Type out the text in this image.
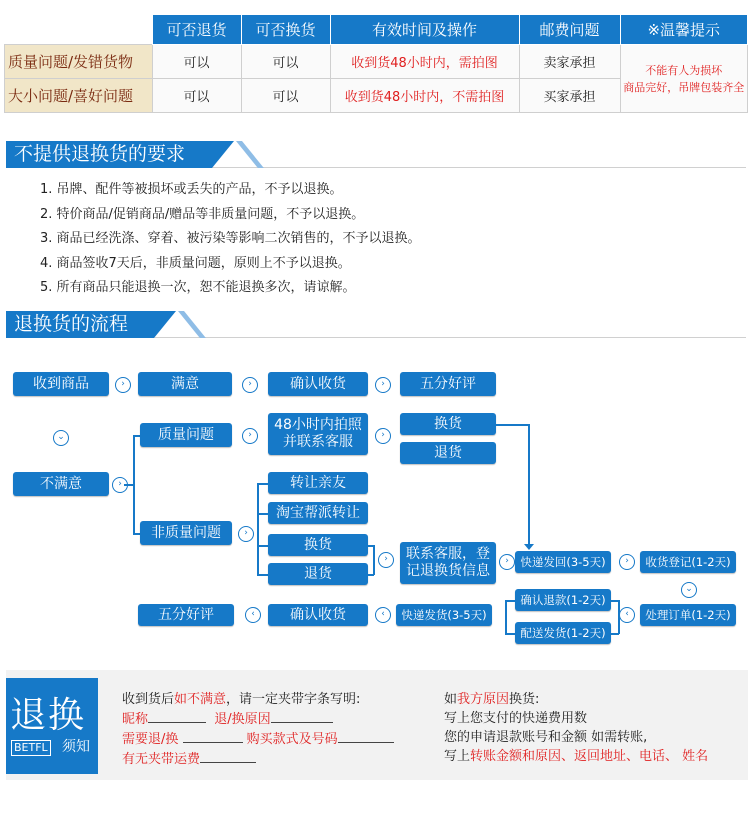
	可否退货	可否换货	有效时间及操作	邮费问题	※温馨提示
质量问题/发错货物	可以	可以	收到货48小时内，需拍图	卖家承担	不能有人为损坏
商品完好，吊牌包装齐全
大小问题/喜好问题	可以	可以	收到货48小时内，不需拍图	买家承担	
不提供退换货的要求
1. 吊牌、配件等被损坏或丢失的产品，不予以退换。
2. 特价商品/促销商品/赠品等非质量问题，不予以退换。
3. 商品已经洗涤、穿着、被污染等影响二次销售的，不予以退换。
4. 商品签收7天后，非质量问题，原则上不予以退换。
5. 所有商品只能退换一次，恕不能退换多次，请谅解。
退换货的流程
收到商品	›	满意	›	确认收货	›	五分好评
⌄
不满意	›
质量问题	›
48小时内拍照
并联系客服	›
换货
退货
转让亲友
淘宝帮派转让
非质量问题	›
换货
退货
›	联系客服，登
记退换货信息
›	快递发回(3-5天)	›	收货登记(1-2天)
⌄
处理订单(1-2天)
‹
确认退款(1-2天)
配送发货(1-2天)
快递发货(3-5天)
‹
确认收货
‹
五分好评
退换
BETFL 须知
收到货后如不满意，请一定夹带字条写明:
昵称	退/换原因
需要退/换	购买款式及号码
有无夹带运费
如我方原因换货:
写上您支付的快递费用数
您的申请退款账号和金额 如需转账,
写上转账金额和原因、返回地址、电话、 姓名
